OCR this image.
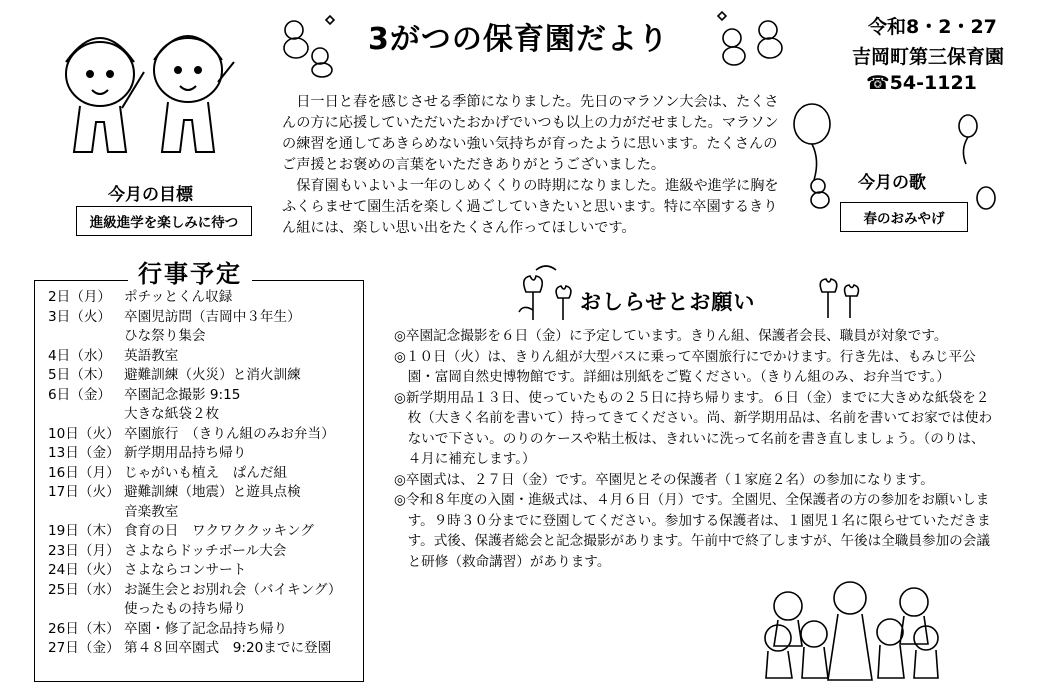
3がつの保育園だより	令和8・2・27
吉岡町第三保育園
☎54-1121
今月の目標
進級進学を楽しみに待つ

日一日と春を感じさせる季節になりました。先日のマラソン大会は、たくさんの方に応援していただいたおかげでいつも以上の力がだせました。マラソンの練習を通してあきらめない強い気持ちが育ったように思います。たくさんのご声援とお褒めの言葉をいただきありがとうございました。

保育園もいよいよ一年のしめくくりの時期になりました。進級や進学に胸をふくらませて園生活を楽しく過ごしていきたいと思います。特に卒園するきりん組には、楽しい思い出をたくさん作ってほしいです。

今月の歌
春のおみやげ
行事予定
2日（月） ポチッとくん収録
3日（火） 卒園児訪問（吉岡中３年生）
ひな祭り集会
4日（水） 英語教室
5日（木） 避難訓練（火災）と消火訓練
6日（金） 卒園記念撮影 9:15
大きな紙袋２枚
10日（火） 卒園旅行　（きりん組のみお弁当）
13日（金） 新学期用品持ち帰り
16日（月） じゃがいも植え　ぱんだ組
17日（火） 避難訓練（地震）と遊具点検
音楽教室
19日（木） 食育の日　ワクワククッキング
23日（月） さよならドッチボール大会
24日（火） さよならコンサート
25日（水） お誕生会とお別れ会（バイキング）
使ったもの持ち帰り
26日（木） 卒園・修了記念品持ち帰り
27日（金） 第４８回卒園式　9:20までに登園
おしらせとお願い

◎卒園記念撮影を６日（金）に予定しています。きりん組、保護者会長、職員が対象です。

◎１０日（火）は、きりん組が大型バスに乗って卒園旅行にでかけます。行き先は、もみじ平公園・富岡自然史博物館です。詳細は別紙をご覧ください。（きりん組のみ、お弁当です。）

◎新学期用品１３日、使っていたもの２５日に持ち帰ります。６日（金）までに大きめな紙袋を２枚（大きく名前を書いて）持ってきてください。尚、新学期用品は、名前を書いてお家では使わないで下さい。のりのケースや粘土板は、きれいに洗って名前を書き直しましょう。（のりは、４月に補充します。）

◎卒園式は、２７日（金）です。卒園児とその保護者（１家庭２名）の参加になります。

◎令和８年度の入園・進級式は、４月６日（月）です。全園児、全保護者の方の参加をお願いします。９時３０分までに登園してください。参加する保護者は、１園児１名に限らせていただきます。式後、保護者総会と記念撮影があります。午前中で終了しますが、午後は全職員参加の会議と研修（救命講習）があります。
